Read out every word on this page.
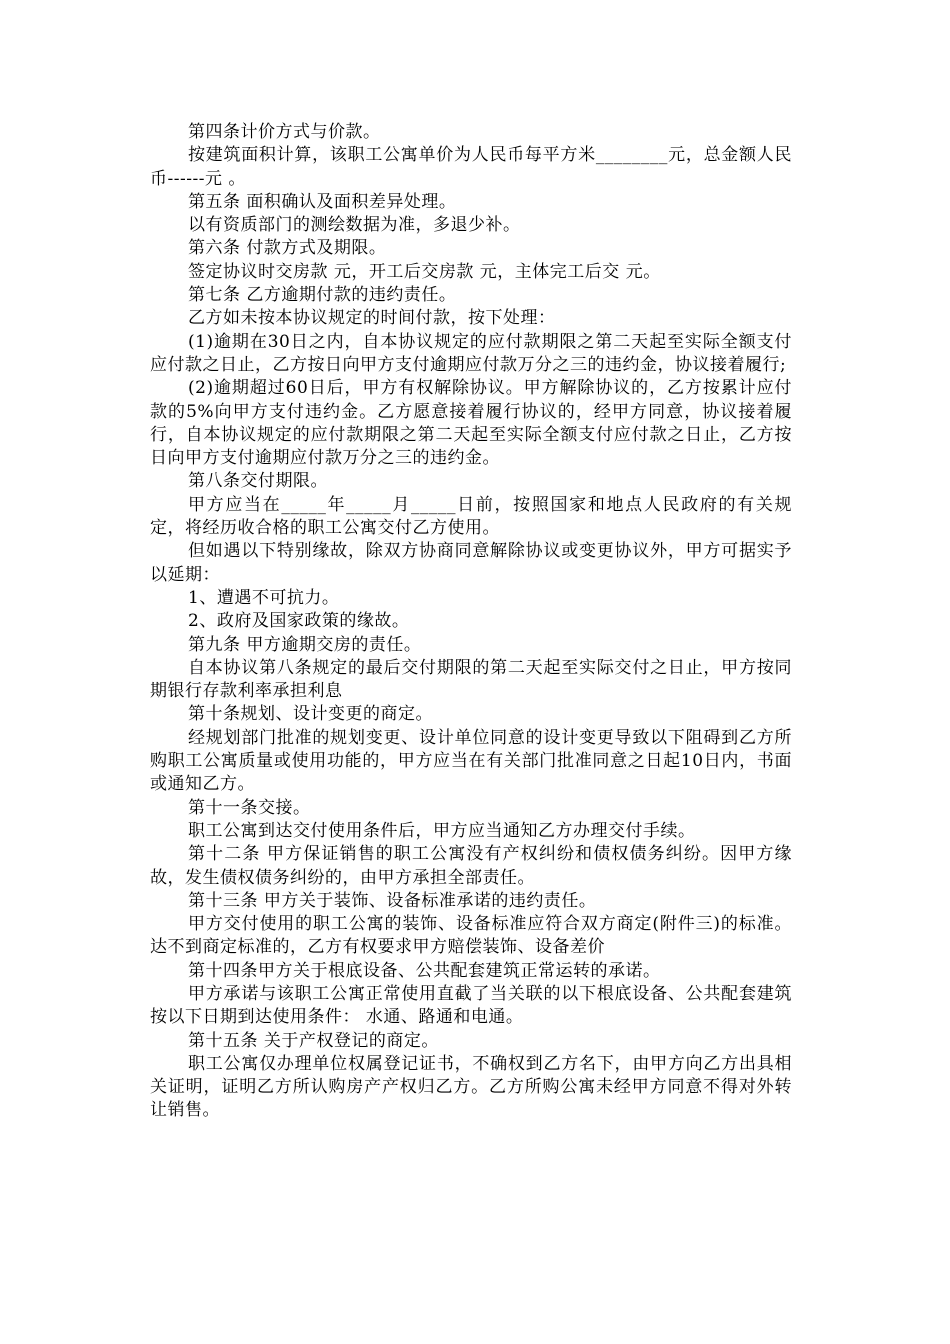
第四条计价方式与价款。

按建筑面积计算，该职工公寓单价为人民币每平方米________元，总金额人民币------元 。

第五条 面积确认及面积差异处理。

以有资质部门的测绘数据为准，多退少补。

第六条 付款方式及期限。

签定协议时交房款 元，开工后交房款 元，主体完工后交 元。

第七条 乙方逾期付款的违约责任。

乙方如未按本协议规定的时间付款，按下处理：

(1)逾期在30日之内，自本协议规定的应付款期限之第二天起至实际全额支付应付款之日止，乙方按日向甲方支付逾期应付款万分之三的违约金，协议接着履行;

(2)逾期超过60日后，甲方有权解除协议。甲方解除协议的，乙方按累计应付款的5%向甲方支付违约金。乙方愿意接着履行协议的，经甲方同意，协议接着履行，自本协议规定的应付款期限之第二天起至实际全额支付应付款之日止，乙方按日向甲方支付逾期应付款万分之三的违约金。

第八条交付期限。

甲方应当在_____年_____月_____日前，按照国家和地点人民政府的有关规定，将经历收合格的职工公寓交付乙方使用。

但如遇以下特别缘故，除双方协商同意解除协议或变更协议外，甲方可据实予以延期：

1、遭遇不可抗力。

2、政府及国家政策的缘故。

第九条 甲方逾期交房的责任。

自本协议第八条规定的最后交付期限的第二天起至实际交付之日止，甲方按同期银行存款利率承担利息

第十条规划、设计变更的商定。

经规划部门批准的规划变更、设计单位同意的设计变更导致以下阻碍到乙方所购职工公寓质量或使用功能的，甲方应当在有关部门批准同意之日起10日内，书面或通知乙方。

第十一条交接。

职工公寓到达交付使用条件后，甲方应当通知乙方办理交付手续。

第十二条 甲方保证销售的职工公寓没有产权纠纷和债权债务纠纷。因甲方缘故，发生债权债务纠纷的，由甲方承担全部责任。

第十三条 甲方关于装饰、设备标准承诺的违约责任。

甲方交付使用的职工公寓的装饰、设备标准应符合双方商定(附件三)的标准。达不到商定标准的，乙方有权要求甲方赔偿装饰、设备差价

第十四条甲方关于根底设备、公共配套建筑正常运转的承诺。

甲方承诺与该职工公寓正常使用直截了当关联的以下根底设备、公共配套建筑按以下日期到达使用条件： 水通、路通和电通。

第十五条 关于产权登记的商定。

职工公寓仅办理单位权属登记证书，不确权到乙方名下，由甲方向乙方出具相关证明，证明乙方所认购房产产权归乙方。乙方所购公寓未经甲方同意不得对外转让销售。
